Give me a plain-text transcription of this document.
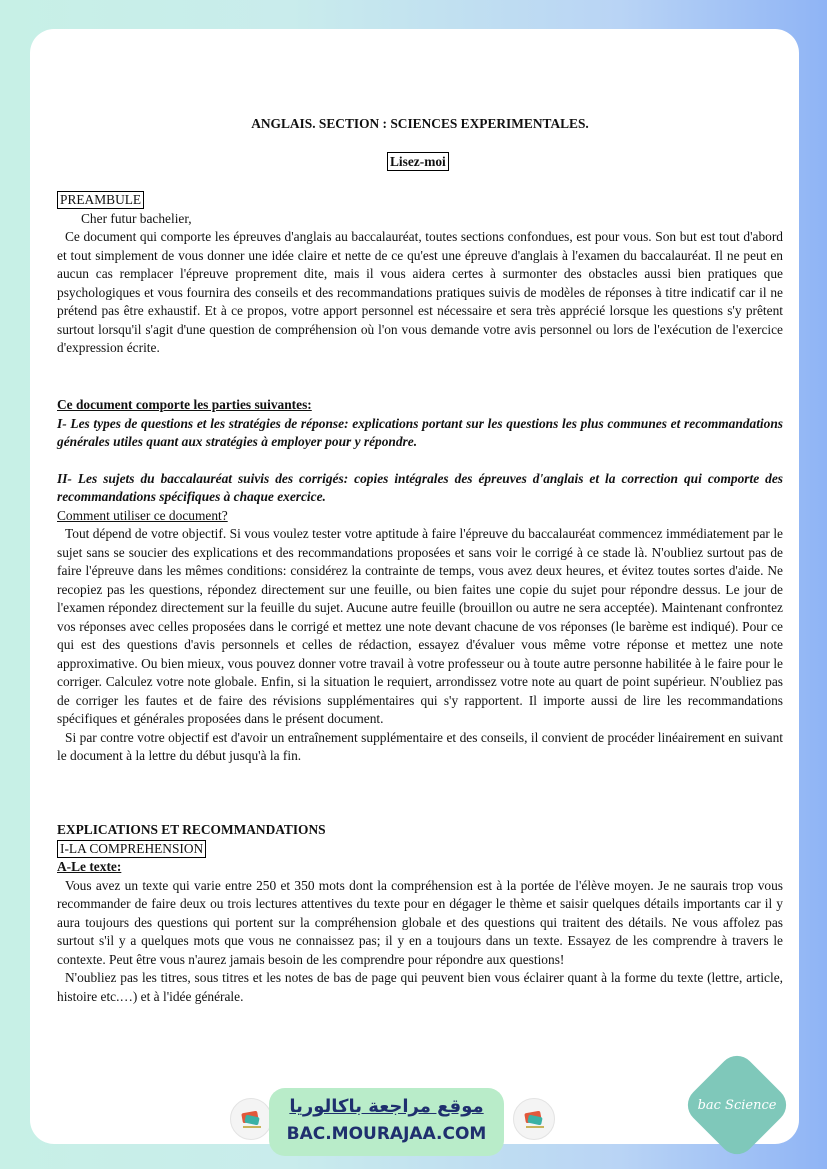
ANGLAIS. SECTION : SCIENCES EXPERIMENTALES.
Lisez-moi
PREAMBULE

Cher futur bachelier,

Ce document qui comporte les épreuves d'anglais au baccalauréat, toutes sections confondues, est pour vous. Son but est tout d'abord et tout simplement de vous donner une idée claire et nette de ce qu'est une épreuve d'anglais à l'examen du baccalauréat. Il ne peut en aucun cas remplacer l'épreuve proprement dite, mais il vous aidera certes à surmonter des obstacles aussi bien pratiques que psychologiques et vous fournira des conseils et des recommandations pratiques suivis de modèles de réponses à titre indicatif car il ne prétend pas être exhaustif. Et à ce propos, votre apport personnel est nécessaire et sera très apprécié lorsque les questions s'y prêtent surtout lorsqu'il s'agit d'une question de compréhension où l'on vous demande votre avis personnel ou lors de l'exécution de l'exercice d'expression écrite.

Ce document comporte les parties suivantes:

I- Les types de questions et les stratégies de réponse: explications portant sur les questions les plus communes et recommandations générales utiles quant aux stratégies à employer pour y répondre.

II- Les sujets du baccalauréat suivis des corrigés: copies intégrales des épreuves d'anglais et la correction qui comporte des recommandations spécifiques à chaque exercice.

Comment utiliser ce document?

Tout dépend de votre objectif. Si vous voulez tester votre aptitude à faire l'épreuve du baccalauréat commencez immédiatement par le sujet sans se soucier des explications et des recommandations proposées et sans voir le corrigé à ce stade là. N'oubliez surtout pas de faire l'épreuve dans les mêmes conditions: considérez la contrainte de temps, vous avez deux heures, et évitez toutes sortes d'aide. Ne recopiez pas les questions, répondez directement sur une feuille, ou bien faites une copie du sujet pour répondre dessus. Le jour de l'examen répondez directement sur la feuille du sujet. Aucune autre feuille (brouillon ou autre ne sera acceptée). Maintenant confrontez vos réponses avec celles proposées dans le corrigé et mettez une note devant chacune de vos réponses (le barème est indiqué). Pour ce qui est des questions d'avis personnels et celles de rédaction, essayez d'évaluer vous même votre réponse et mettez une note approximative. Ou bien mieux, vous pouvez donner votre travail à votre professeur ou à toute autre personne habilitée à le faire pour le corriger. Calculez votre note globale. Enfin, si la situation le requiert, arrondissez votre note au quart de point supérieur. N'oubliez pas de corriger les fautes et de faire des révisions supplémentaires qui s'y rapportent. Il importe aussi de lire les recommandations spécifiques et générales proposées dans le présent document.

Si par contre votre objectif est d'avoir un entraînement supplémentaire et des conseils, il convient de procéder linéairement en suivant le document à la lettre du début jusqu'à la fin.

EXPLICATIONS ET RECOMMANDATIONS

I-LA COMPREHENSION

A-Le texte:

Vous avez un texte qui varie entre 250 et 350 mots dont la compréhension est à la portée de l'élève moyen. Je ne saurais trop vous recommander de faire deux ou trois lectures attentives du texte pour en dégager le thème et saisir quelques détails importants car il y aura toujours des questions qui portent sur la compréhension globale et des questions qui traitent des détails. Ne vous affolez pas surtout s'il y a quelques mots que vous ne connaissez pas; il y en a toujours dans un texte. Essayez de les comprendre à travers le contexte. Peut être vous n'aurez jamais besoin de les comprendre pour répondre aux questions!

N'oubliez pas les titres, sous titres et les notes de bas de page qui peuvent bien vous éclairer quant à la forme du texte (lettre, article, histoire etc.…) et à l'idée générale.

موقع مراجعة باكالوريا
BAC.MOURAJAA.COM
bac Science
